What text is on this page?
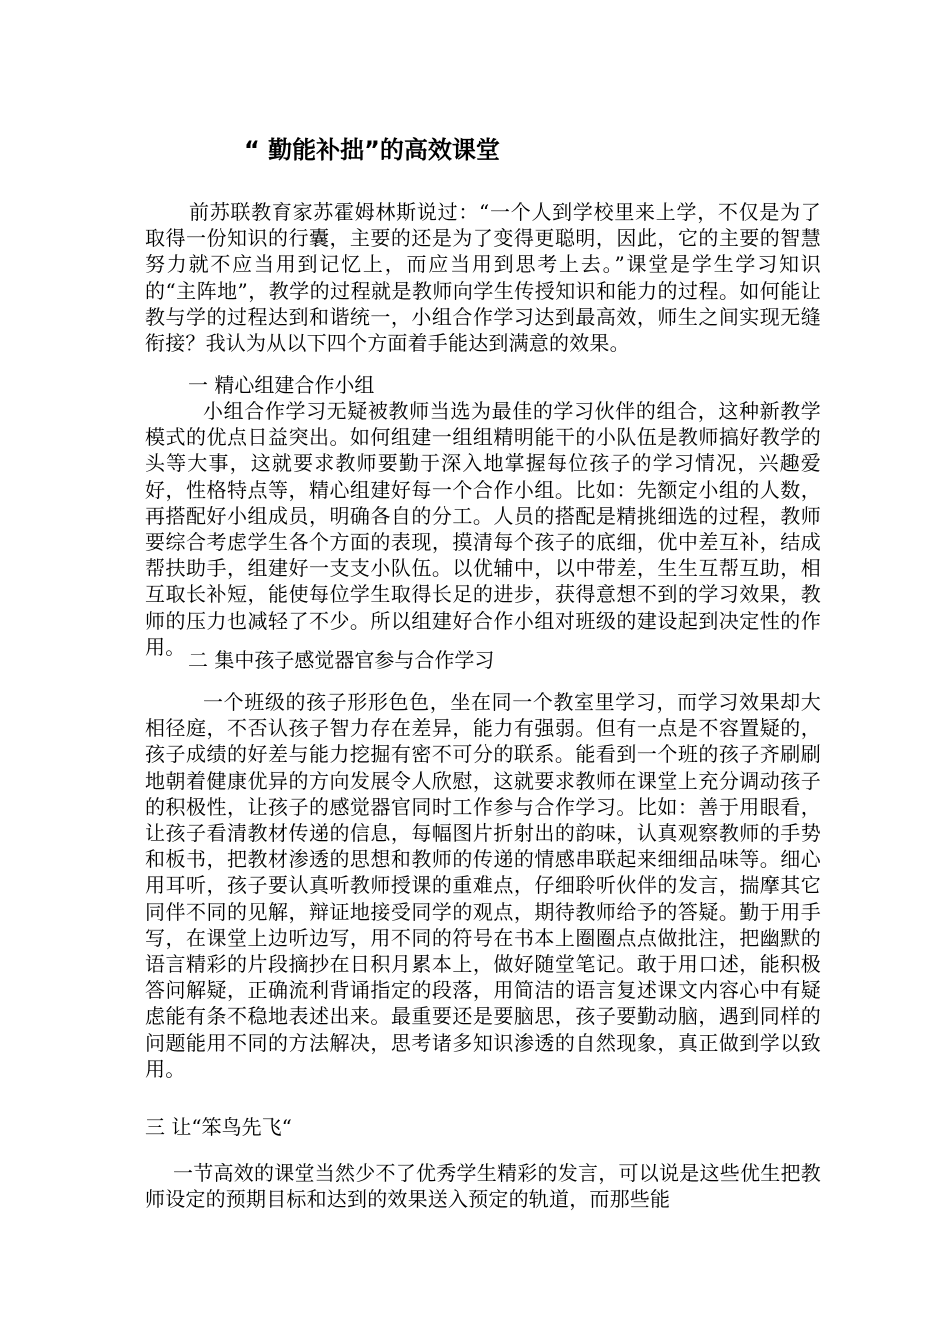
“ 勤能补拙”的高效课堂
前苏联教育家苏霍姆林斯说过：“一个人到学校里来上学，不仅是为了取得一份知识的行囊，主要的还是为了变得更聪明，因此，它的主要的智慧努力就不应当用到记忆上，而应当用到思考上去。”课堂是学生学习知识的“主阵地”，教学的过程就是教师向学生传授知识和能力的过程。如何能让教与学的过程达到和谐统一，小组合作学习达到最高效，师生之间实现无缝衔接？我认为从以下四个方面着手能达到满意的效果。
一 精心组建合作小组
小组合作学习无疑被教师当选为最佳的学习伙伴的组合，这种新教学模式的优点日益突出。如何组建一组组精明能干的小队伍是教师搞好教学的头等大事，这就要求教师要勤于深入地掌握每位孩子的学习情况，兴趣爱好，性格特点等，精心组建好每一个合作小组。比如：先额定小组的人数，再搭配好小组成员，明确各自的分工。人员的搭配是精挑细选的过程，教师要综合考虑学生各个方面的表现，摸清每个孩子的底细，优中差互补，结成帮扶助手，组建好一支支小队伍。以优辅中，以中带差，生生互帮互助，相互取长补短，能使每位学生取得长足的进步，获得意想不到的学习效果，教师的压力也减轻了不少。所以组建好合作小组对班级的建设起到决定性的作用。
二 集中孩子感觉器官参与合作学习
一个班级的孩子形形色色，坐在同一个教室里学习，而学习效果却大相径庭，不否认孩子智力存在差异，能力有强弱。但有一点是不容置疑的，孩子成绩的好差与能力挖掘有密不可分的联系。能看到一个班的孩子齐刷刷地朝着健康优异的方向发展令人欣慰，这就要求教师在课堂上充分调动孩子的积极性，让孩子的感觉器官同时工作参与合作学习。比如：善于用眼看，让孩子看清教材传递的信息，每幅图片折射出的韵味，认真观察教师的手势和板书，把教材渗透的思想和教师的传递的情感串联起来细细品味等。细心用耳听，孩子要认真听教师授课的重难点，仔细聆听伙伴的发言，揣摩其它同伴不同的见解，辩证地接受同学的观点，期待教师给予的答疑。勤于用手写，在课堂上边听边写，用不同的符号在书本上圈圈点点做批注，把幽默的语言精彩的片段摘抄在日积月累本上，做好随堂笔记。敢于用口述，能积极答问解疑，正确流利背诵指定的段落，用简洁的语言复述课文内容心中有疑虑能有条不稳地表述出来。最重要还是要脑思，孩子要勤动脑，遇到同样的问题能用不同的方法解决，思考诸多知识渗透的自然现象，真正做到学以致用。
三 让“笨鸟先飞“
一节高效的课堂当然少不了优秀学生精彩的发言，可以说是这些优生把教师设定的预期目标和达到的效果送入预定的轨道，而那些能
